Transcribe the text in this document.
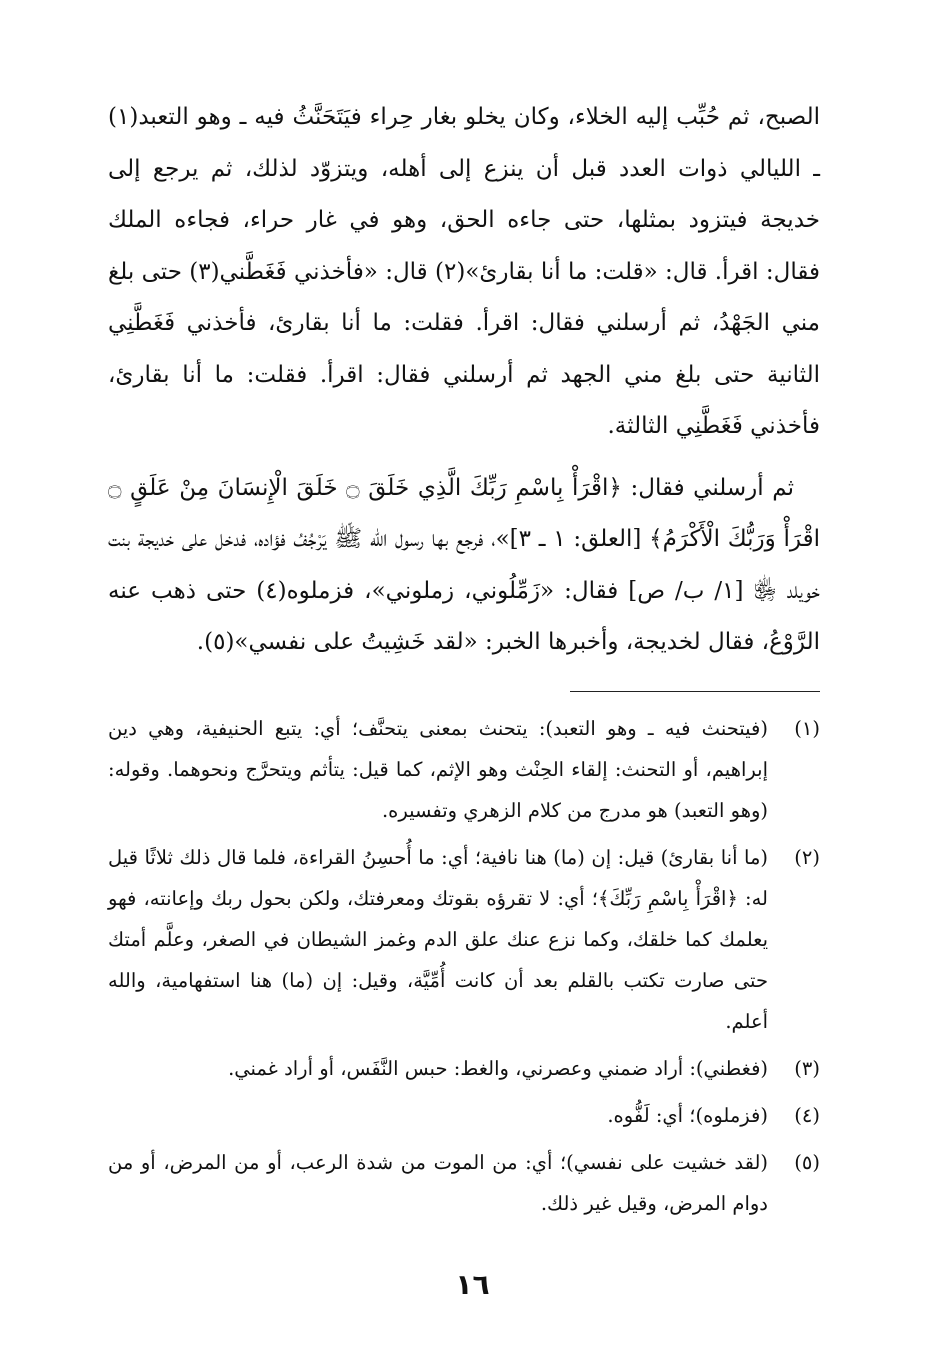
الصبح، ثم حُبِّب إليه الخلاء، وكان يخلو بغار حِراء فيَتَحَنَّثُ فيه ـ وهو التعبد(١) ـ الليالي ذوات العدد قبل أن ينزع إلى أهله، ويتزوّد لذلك، ثم يرجع إلى خديجة فيتزود بمثلها، حتى جاءه الحق، وهو في غار حراء، فجاءه الملك فقال: اقرأ. قال: «قلت: ما أنا بقارئ»(٢) قال: «فأخذني فَغَطَّني(٣) حتى بلغ مني الجَهْدُ، ثم أرسلني فقال: اقرأ. فقلت: ما أنا بقارئ، فأخذني فَغَطَّنِي الثانية حتى بلغ مني الجهد ثم أرسلني فقال: اقرأ. فقلت: ما أنا بقارئ، فأخذني فَغَطَّنِي الثالثة.

ثم أرسلني فقال: ﴿اقْرَأْ بِاسْمِ رَبِّكَ الَّذِي خَلَقَ ۝ خَلَقَ الْإِنسَانَ مِنْ عَلَقٍ ۝ اقْرَأْ وَرَبُّكَ الْأَكْرَمُ﴾ [العلق: ١ ـ ٣]»، فرجع بها رسول الله ﷺ يَرْجُفُ فؤاده، فدخل على خديجة بنت خويلد ﵂ [١/ ب/ ص] فقال: «زَمِّلُوني، زملوني»، فزملوه(٤) حتى ذهب عنه الرَّوْعُ، فقال لخديجة، وأخبرها الخبر: «لقد خَشِيتُ على نفسي»(٥).

(١)
(فيتحنث فيه ـ وهو التعبد): يتحنث بمعنى يتحنَّف؛ أي: يتبع الحنيفية، وهي دين إبراهيم، أو التحنث: إلقاء الحِنْث وهو الإثم، كما قيل: يتأثم ويتحرَّج ونحوهما. وقوله: (وهو التعبد) هو مدرج من كلام الزهري وتفسيره.
(٢)
(ما أنا بقارئ) قيل: إن (ما) هنا نافية؛ أي: ما أُحسِنُ القراءة، فلما قال ذلك ثلاثًا قيل له: ﴿اقْرَأْ بِاسْمِ رَبِّكَ﴾؛ أي: لا تقرؤه بقوتك ومعرفتك، ولكن بحول ربك وإعانته، فهو يعلمك كما خلقك، وكما نزع عنك علق الدم وغمز الشيطان في الصغر، وعلَّم أمتك حتى صارت تكتب بالقلم بعد أن كانت أُمِّيَّة، وقيل: إن (ما) هنا استفهامية، والله أعلم.
(٣)
(فغطني): أراد ضمني وعصرني، والغط: حبس النَّفَس، أو أراد غمني.
(٤)
(فزملوه)؛ أي: لَفُّوه.
(٥)
(لقد خشيت على نفسي)؛ أي: من الموت من شدة الرعب، أو من المرض، أو من دوام المرض، وقيل غير ذلك.
١٦
